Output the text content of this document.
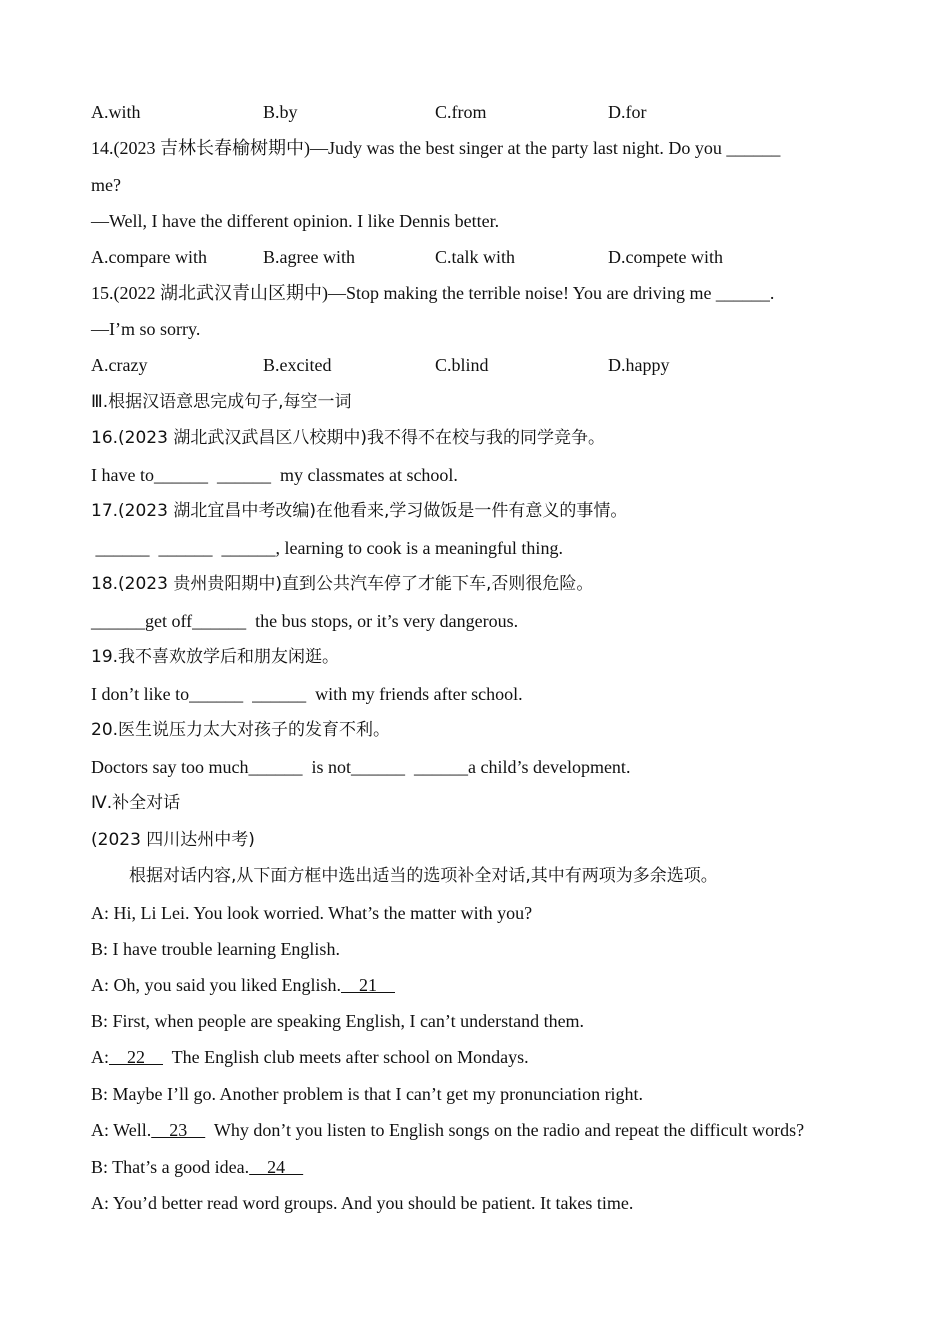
A.with	B.by	C.from	D.for
14.(2023 吉林长春榆树期中)—Judy was the best singer at the party last night. Do you ______
me?
—Well, I have the different opinion. I like Dennis better.
A.compare with	B.agree with	C.talk with	D.compete with
15.(2022 湖北武汉青山区期中)—Stop making the terrible noise! You are driving me ______.
—I’m so sorry.
A.crazy	B.excited	C.blind	D.happy
Ⅲ.根据汉语意思完成句子,每空一词
16.(2023 湖北武汉武昌区八校期中)我不得不在校与我的同学竞争。
I have to______  ______  my classmates at school.
17.(2023 湖北宜昌中考改编)在他看来,学习做饭是一件有意义的事情。
______  ______  ______, learning to cook is a meaningful thing.
18.(2023 贵州贵阳期中)直到公共汽车停了才能下车,否则很危险。
______get off______  the bus stops, or it’s very dangerous.
19.我不喜欢放学后和朋友闲逛。
I don’t like to______  ______  with my friends after school.
20.医生说压力太大对孩子的发育不利。
Doctors say too much______  is not______  ______a child’s development.
Ⅳ.补全对话
(2023 四川达州中考)
根据对话内容,从下面方框中选出适当的选项补全对话,其中有两项为多余选项。
A: Hi, Li Lei. You look worried. What’s the matter with you?
B: I have trouble learning English.
A: Oh, you said you liked English.    21
B: First, when people are speaking English, I can’t understand them.
A:    22      The English club meets after school on Mondays.
B: Maybe I’ll go. Another problem is that I can’t get my pronunciation right.
A: Well.    23      Why don’t you listen to English songs on the radio and repeat the difficult words?
B: That’s a good idea.    24
A: You’d better read word groups. And you should be patient. It takes time.
